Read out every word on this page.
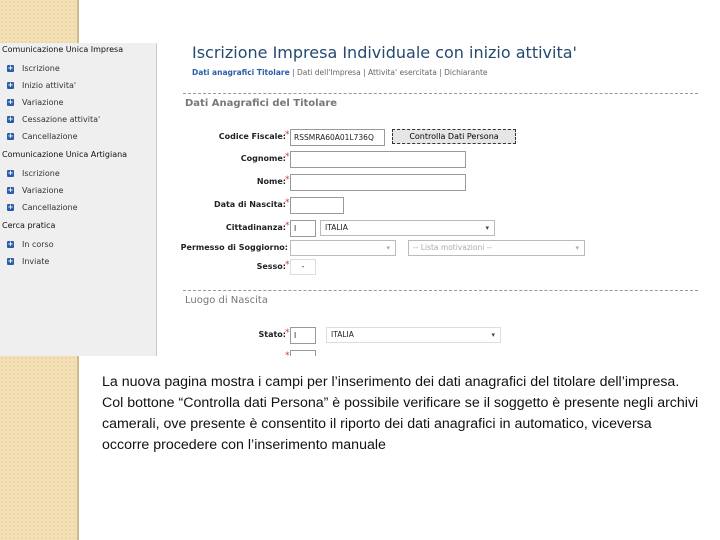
Comunicazione Unica Impresa
+ Iscrizione
+ Inizio attivita'
+ Variazione
+ Cessazione attivita'
+ Cancellazione
Comunicazione Unica Artigiana
+ Iscrizione
+ Variazione
+ Cancellazione
Cerca pratica
+ In corso
+ Inviate
Iscrizione Impresa Individuale con inizio attivita'
Dati anagrafici Titolare | Dati dell'Impresa | Attivita' esercitata | Dichiarante
Dati Anagrafici del Titolare
Codice Fiscale: * RSSMRA60A01L736Q	Controlla Dati Persona
Cognome: *
Nome: *
Data di Nascita: *
Cittadinanza: * I	ITALIA	▾
Permesso di Soggiorno:	▾	-- Lista motivazioni --	▾
Sesso: *	-
Luogo di Nascita
Stato: * I	ITALIA	▾
*
La nuova pagina mostra i campi per l’inserimento dei dati anagrafici del titolare dell’impresa. Col bottone “Controlla dati Persona” è possibile verificare se il soggetto è presente negli archivi camerali, ove presente è consentito il riporto dei dati anagrafici in automatico, viceversa occorre procedere con l’inserimento manuale
